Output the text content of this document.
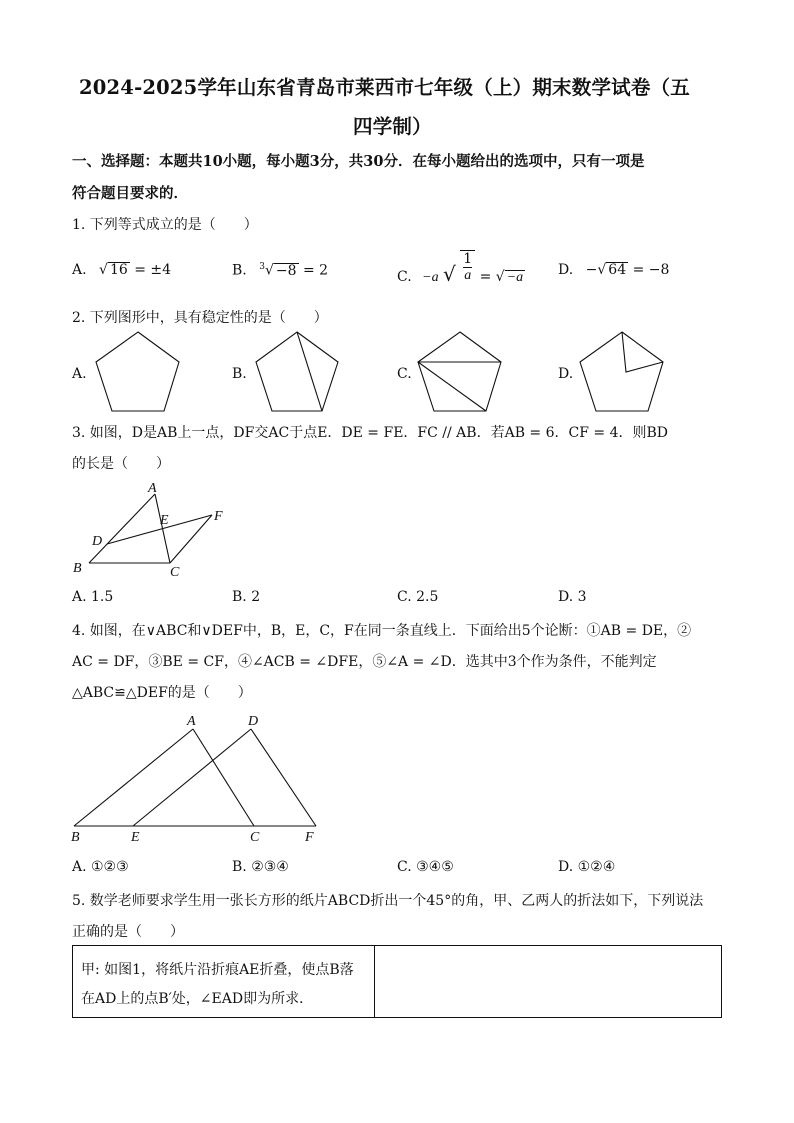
2024-2025学年山东省青岛市莱西市七年级（上）期末数学试卷（五
四学制）
一、选择题：本题共10小题，每小题3分，共30分．在每小题给出的选项中，只有一项是
符合题目要求的．
1. 下列等式成立的是（　　）
A. √ 16 = ±4	B. $^3$√ −8 = 2	C. −a √ $\frac{1}{a}$ = √ −a D. −√ 64 = −8
2. 下列图形中，具有稳定性的是（　　）
A.	B.	C.	D.
3. 如图，D是AB上一点，DF交AC于点E．DE = FE．FC // AB．若AB = 6．CF = 4．则BD
的长是（　　）
A
E	F
D
B	C
A. 1.5	B. 2	C. 2.5	D. 3
4. 如图，在∨ABC和∨DEF中，B，E，C，F在同一条直线上．下面给出5个论断：①AB = DE，②
AC = DF，③BE = CF，④∠ACB = ∠DFE，⑤∠A = ∠D．选其中3个作为条件，不能判定
△ABC≌△DEF的是（　　）
A	D
B	E	C	F
A. ①②③	B. ②③④	C. ③④⑤	D. ①②④
5. 数学老师要求学生用一张长方形的纸片ABCD折出一个45°的角，甲、乙两人的折法如下，下列说法
正确的是（　　）
甲: 如图1，将纸片沿折痕AE折叠，使点B落
在AD上的点B′处，∠EAD即为所求．
